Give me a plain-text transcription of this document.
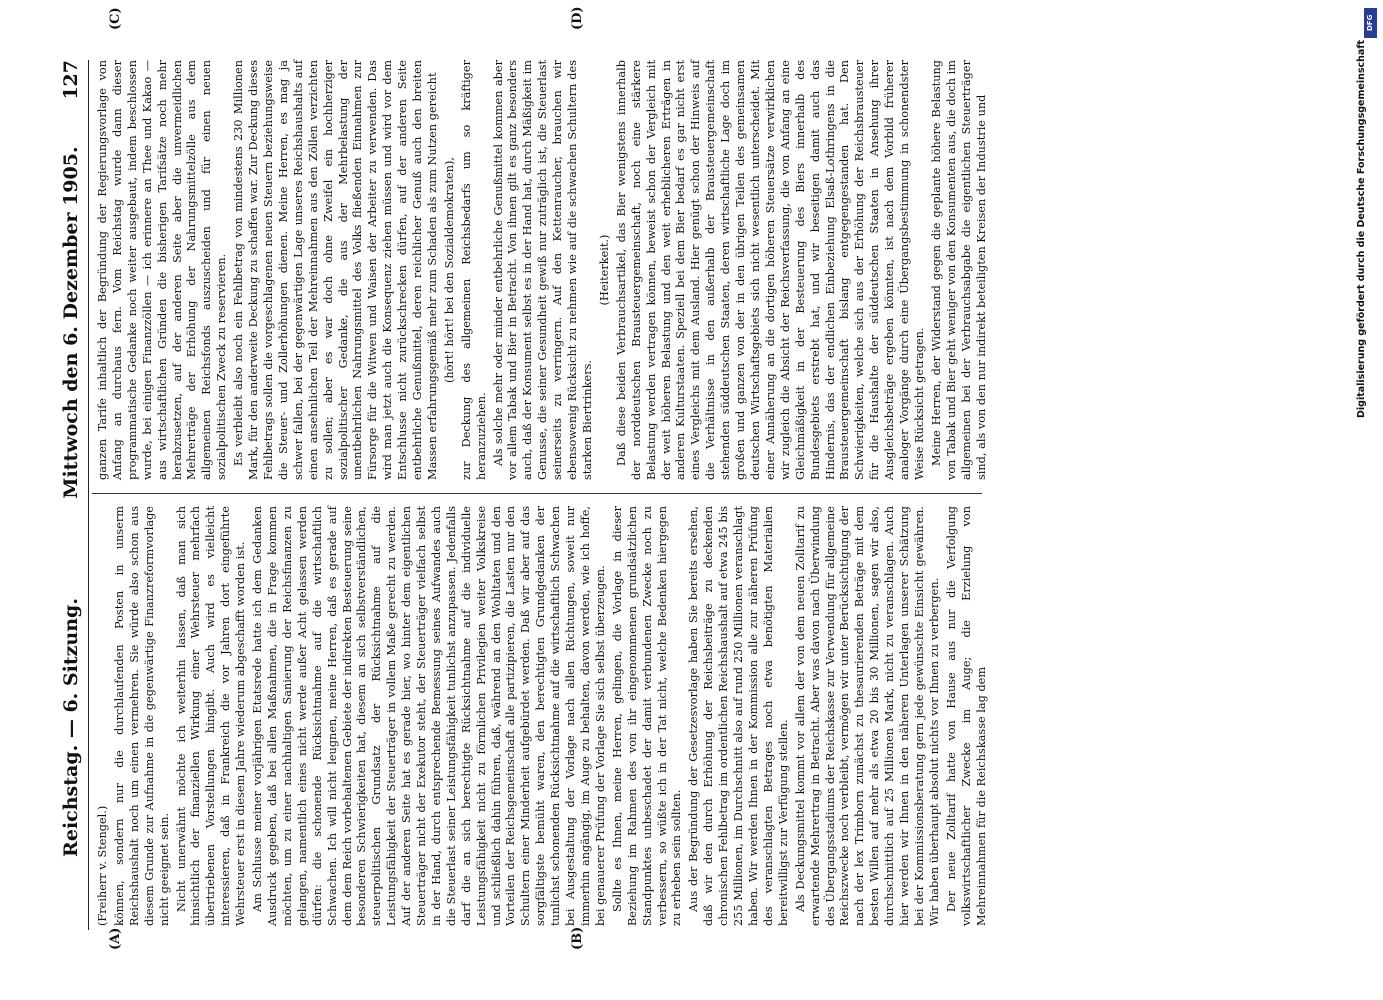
Reichstag. — 6. Sitzung.
Mittwoch den 6. Dezember 1905.
127
(A)	(B)
(C)	(D)

(Freiherr v. Stengel.) können, sondern nur die durchlaufenden Posten in unserm Reichshaushalt noch um einen vermehren. Sie würde also schon aus diesem Grunde zur Aufnahme in die gegenwärtige Finanzreformvorlage nicht geeignet sein. Nicht unerwähnt möchte ich weiterhin lassen, daß man sich hinsichtlich der finanziellen Wirkung einer Wehrsteuer mehrfach übertriebenen Vorstellungen hingibt. Auch wird es vielleicht interessieren, daß in Frankreich die vor Jahren dort eingeführte Wehrsteuer erst in diesem Jahre wiederum abgeschafft worden ist. Am Schlusse meiner vorjährigen Etatsrede hatte ich dem Gedanken Ausdruck gegeben, daß bei allen Maßnahmen, die in Frage kommen möchten, um zu einer nachhaltigen Sanierung der Reichsfinanzen zu gelangen, namentlich eines nicht werde außer Acht gelassen werden dürfen: die schonende Rücksichtnahme auf die wirtschaftlich Schwachen. Ich will nicht leugnen, meine Herren, daß es gerade auf dem dem Reich vorbehaltenen Gebiete der indirekten Besteuerung seine besonderen Schwierigkeiten hat, diesem an sich selbstverständlichen, steuerpolitischen Grundsatz der Rücksichtnahme auf die Leistungsfähigkeit der Steuerträger in vollem Maße gerecht zu werden. Auf der anderen Seite hat es gerade hier, wo hinter dem eigentlichen Steuerträger nicht der Exekutor steht, der Steuerträger vielfach selbst in der Hand, durch entsprechende Bemessung seines Aufwandes auch die Steuerlast seiner Leistungsfähigkeit tunlichst anzupassen. Jedenfalls darf die an sich berechtigte Rücksichtnahme auf die individuelle Leistungsfähigkeit nicht zu förmlichen Privilegien weiter Volkskreise und schließlich dahin führen, daß, während an den Wohltaten und den Vorteilen der Reichsgemeinschaft alle partizipieren, die Lasten nur den Schultern einer Minderheit aufgebürdet werden. Daß wir aber auf das sorgfältigste bemüht waren, den berechtigten Grundgedanken der tunlichst schonenden Rücksichtnahme auf die wirtschaftlich Schwachen bei Ausgestaltung der Vorlage nach allen Richtungen, soweit nur immerhin angängig, im Auge zu behalten, davon werden, wie ich hoffe, bei genauerer Prüfung der Vorlage Sie sich selbst überzeugen. Sollte es Ihnen, meine Herren, gelingen, die Vorlage in dieser Beziehung im Rahmen des von ihr eingenommenen grundsätzlichen Standpunktes unbeschadet der damit verbundenen Zwecke noch zu verbessern, so wüßte ich in der Tat nicht, welche Bedenken hiergegen zu erheben sein sollten. Aus der Begründung der Gesetzesvorlage haben Sie bereits ersehen, daß wir den durch Erhöhung der Reichsbeiträge zu deckenden chronischen Fehlbetrag im ordentlichen Reichshaushalt auf etwa 245 bis 255 Millionen, im Durchschnitt also auf rund 250 Millionen veranschlagt haben. Wir werden Ihnen in der Kommission alle zur näheren Prüfung des veranschlagten Betrages noch etwa benötigten Materialien bereitwilligst zur Verfügung stellen. Als Deckungsmittel kommt vor allem der von dem neuen Zolltarif zu erwartende Mehrertrag in Betracht. Aber was davon nach Überwindung des Übergangsstadiums der Reichskasse zur Verwendung für allgemeine Reichszwecke noch verbleibt, vermögen wir unter Berücksichtigung der nach der lex Trimborn zunächst zu thesaurierenden Beträge mit dem besten Willen auf mehr als etwa 20 bis 30 Millionen, sagen wir also, durchschnittlich auf 25 Millionen Mark, nicht zu veranschlagen. Auch hier werden wir Ihnen in den näheren Unterlagen unserer Schätzung bei der Kommissionsberatung gern jede gewünschte Einsicht gewähren. Wir haben überhaupt absolut nichts vor Ihnen zu verbergen. Der neue Zolltarif hatte von Hause aus nur die Verfolgung volkswirtschaftlicher Zwecke im Auge; die Erzielung von Mehreinnahmen für die Reichskasse lag dem

ganzen Tarife inhaltlich der Begründung der Regierungsvorlage von Anfang an durchaus fern. Vom Reichstag wurde dann dieser programmatische Gedanke noch weiter ausgebaut, indem beschlossen wurde, bei einigen Finanzzöllen — ich erinnere an Thee und Kakao — aus wirtschaftlichen Gründen die bisherigen Tarifsätze noch mehr herabzusetzen, auf der anderen Seite aber die unvermeidlichen Mehrerträge der Erhöhung der Nahrungsmittelzölle aus dem allgemeinen Reichsfonds auszuscheiden und für einen neuen sozialpolitischen Zweck zu reservieren. Es verbleibt also noch ein Fehlbetrag von mindestens 230 Millionen Mark, für den anderweite Deckung zu schaffen war. Zur Deckung dieses Fehlbetrags sollen die vorgeschlagenen neuen Steuern beziehungsweise die Steuer- und Zollerhöhungen dienen. Meine Herren, es mag ja schwer fallen, bei der gegenwärtigen Lage unseres Reichshaushalts auf einen ansehnlichen Teil der Mehreinnahmen aus den Zöllen verzichten zu sollen; aber es war doch ohne Zweifel ein hochherziger sozialpolitischer Gedanke, die aus der Mehrbelastung der unentbehrlichen Nahrungsmittel des Volks fließenden Einnahmen zur Fürsorge für die Witwen und Waisen der Arbeiter zu verwenden. Das wird man jetzt auch die Konsequenz ziehen müssen und wird vor dem Entschlusse nicht zurückschrecken dürfen, auf der anderen Seite entbehrliche Genußmittel, deren reichlicher Genuß auch den breiten Massen erfahrungsgemäß mehr zum Schaden als zum Nutzen gereicht (hört! hört! bei den Sozialdemokraten), zur Deckung des allgemeinen Reichsbedarfs um so kräftiger heranzuziehen. Als solche mehr oder minder entbehrliche Genußmittel kommen aber vor allem Tabak und Bier in Betracht. Von ihnen gilt es ganz besonders auch, daß der Konsument selbst es in der Hand hat, durch Mäßigkeit im Genusse, die seiner Gesundheit gewiß nur zuträglich ist, die Steuerlast seinerseits zu verringern. Auf den Kettenraucher, brauchen wir ebensowenig Rücksicht zu nehmen wie auf die schwachen Schultern des starken Biertrinkers.

(Heiterkeit.) Daß diese beiden Verbrauchsartikel, das Bier wenigstens innerhalb der norddeutschen Brausteuergemeinschaft, noch eine stärkere Belastung werden vertragen können, beweist schon der Vergleich mit der weit höheren Belastung und den weit erheblicheren Erträgen in anderen Kulturstaaten. Speziell bei dem Bier bedarf es gar nicht erst eines Vergleichs mit dem Ausland. Hier genügt schon der Hinweis auf die Verhältnisse in den außerhalb der Brausteuergemeinschaft stehenden süddeutschen Staaten, deren wirtschaftliche Lage doch im großen und ganzen von der in den übrigen Teilen des gemeinsamen deutschen Wirtschaftsgebiets sich nicht wesentlich unterscheidet. Mit einer Annäherung an die dortigen höheren Steuersätze verwirklichen wir zugleich die Absicht der Reichsverfassung, die von Anfang an eine Gleichmäßigkeit in der Besteuerung des Biers innerhalb des Bundesgebiets erstrebt hat, und wir beseitigen damit auch das Hindernis, das der endlichen Einbeziehung Elsaß-Lothringens in die Brausteuergemeinschaft bislang entgegengestanden hat. Den Schwierigkeiten, welche sich aus der Erhöhung der Reichsbrausteuer für die Haushalte der süddeutschen Staaten in Ansehung ihrer Ausgleichsbeträge ergeben könnten, ist nach dem Vorbild früherer analoger Vorgänge durch eine Übergangsbestimmung in schonendster Weise Rücksicht getragen. Meine Herren, der Widerstand gegen die geplante höhere Belastung von Tabak und Bier geht weniger von den Konsumenten aus, die doch im allgemeinen bei der Verbrauchsabgabe die eigentlichen Steuerträger sind, als von den nur indirekt beteiligten Kreisen der Industrie und	Digitalisierung gefördert durch die Deutsche Forschungsgemeinschaft
DFG
